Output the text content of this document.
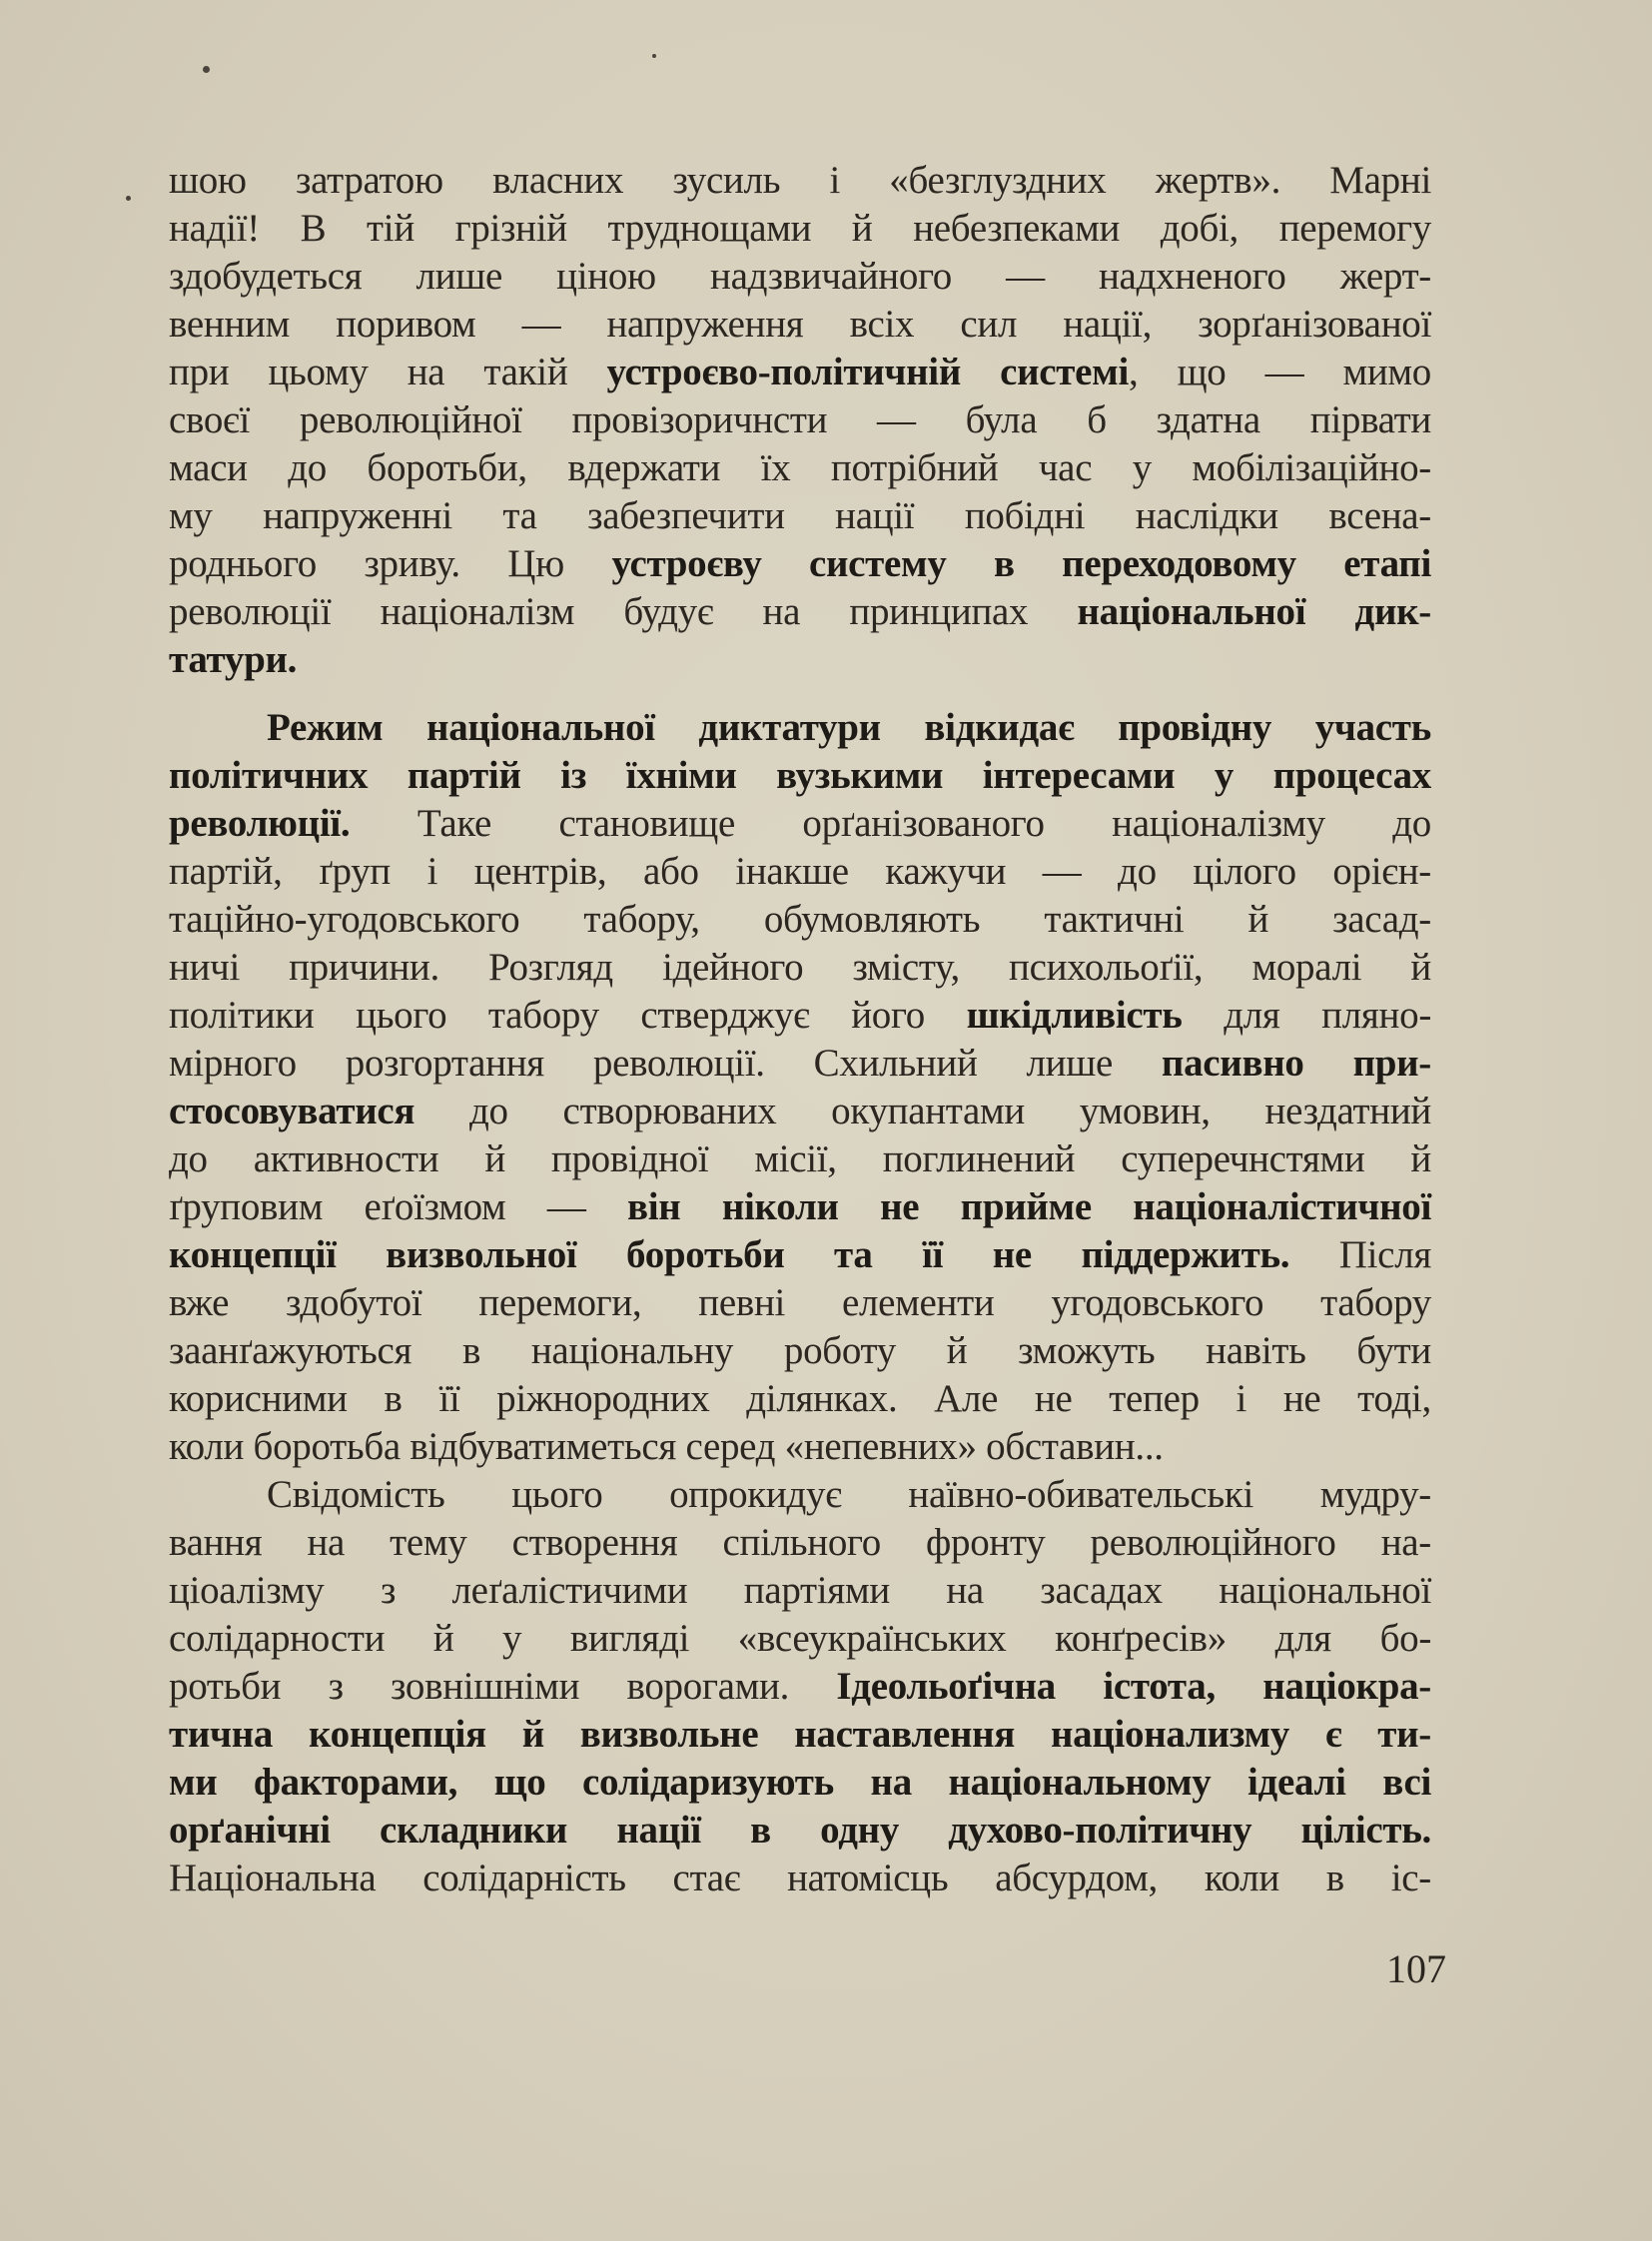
шою затратою власних зусиль і «безглуздних жертв». Марні
надії! В тій грізній труднощами й небезпеками добі, перемогу
здобудеться лише ціною надзвичайного — надхненого жерт-
венним поривом — напруження всіх сил нації, зорґанізованої
при цьому на такій устроєво-політичній системі, що — мимо
своєї революційної провізоричнсти — була б здатна пірвати
маси до боротьби, вдержати їх потрібний час у мобілізаційно-
му напруженні та забезпечити нації побідні наслідки всена-
роднього зриву. Цю устроєву систему в переходовому етапі
революції націоналізм будує на принципах національної дик-
татури.
Режим національної диктатури відкидає провідну участь
політичних партій із їхніми вузькими інтересами у процесах
революції. Таке становище орґанізованого націоналізму до
партій, ґруп і центрів, або інакше кажучи — до цілого орієн-
таційно-угодовського табору, обумовляють тактичні й засад-
ничі причини. Розгляд ідейного змісту, психольоґії, моралі й
політики цього табору стверджує його шкідливість для пляно-
мірного розгортання революції. Схильний лише пасивно при-
стосовуватися до створюваних окупантами умовин, нездатний
до активности й провідної місії, поглинений суперечнстями й
ґруповим еґоїзмом — він ніколи не прийме націоналістичної
концепції визвольної боротьби та її не піддержить. Після
вже здобутої перемоги, певні елементи угодовського табору
заанґажуються в національну роботу й зможуть навіть бути
корисними в її ріжнородних ділянках. Але не тепер і не тоді,
коли боротьба відбуватиметься серед «непевних» обставин...
Свідомість цього опрокидує наївно-обивательські мудру-
вання на тему створення спільного фронту революційного на-
ціоалізму з леґалістичими партіями на засадах національної
солідарности й у вигляді «всеукраїнських конґресів» для бо-
ротьби з зовнішніми ворогами. Ідеольоґічна істота, націокра-
тична концепція й визвольне наставлення націонализму є ти-
ми факторами, що солідаризують на національному ідеалі всі
орґанічні складники нації в одну духово-політичну цілість.
Національна солідарність стає натомісць абсурдом, коли в іс-
107
